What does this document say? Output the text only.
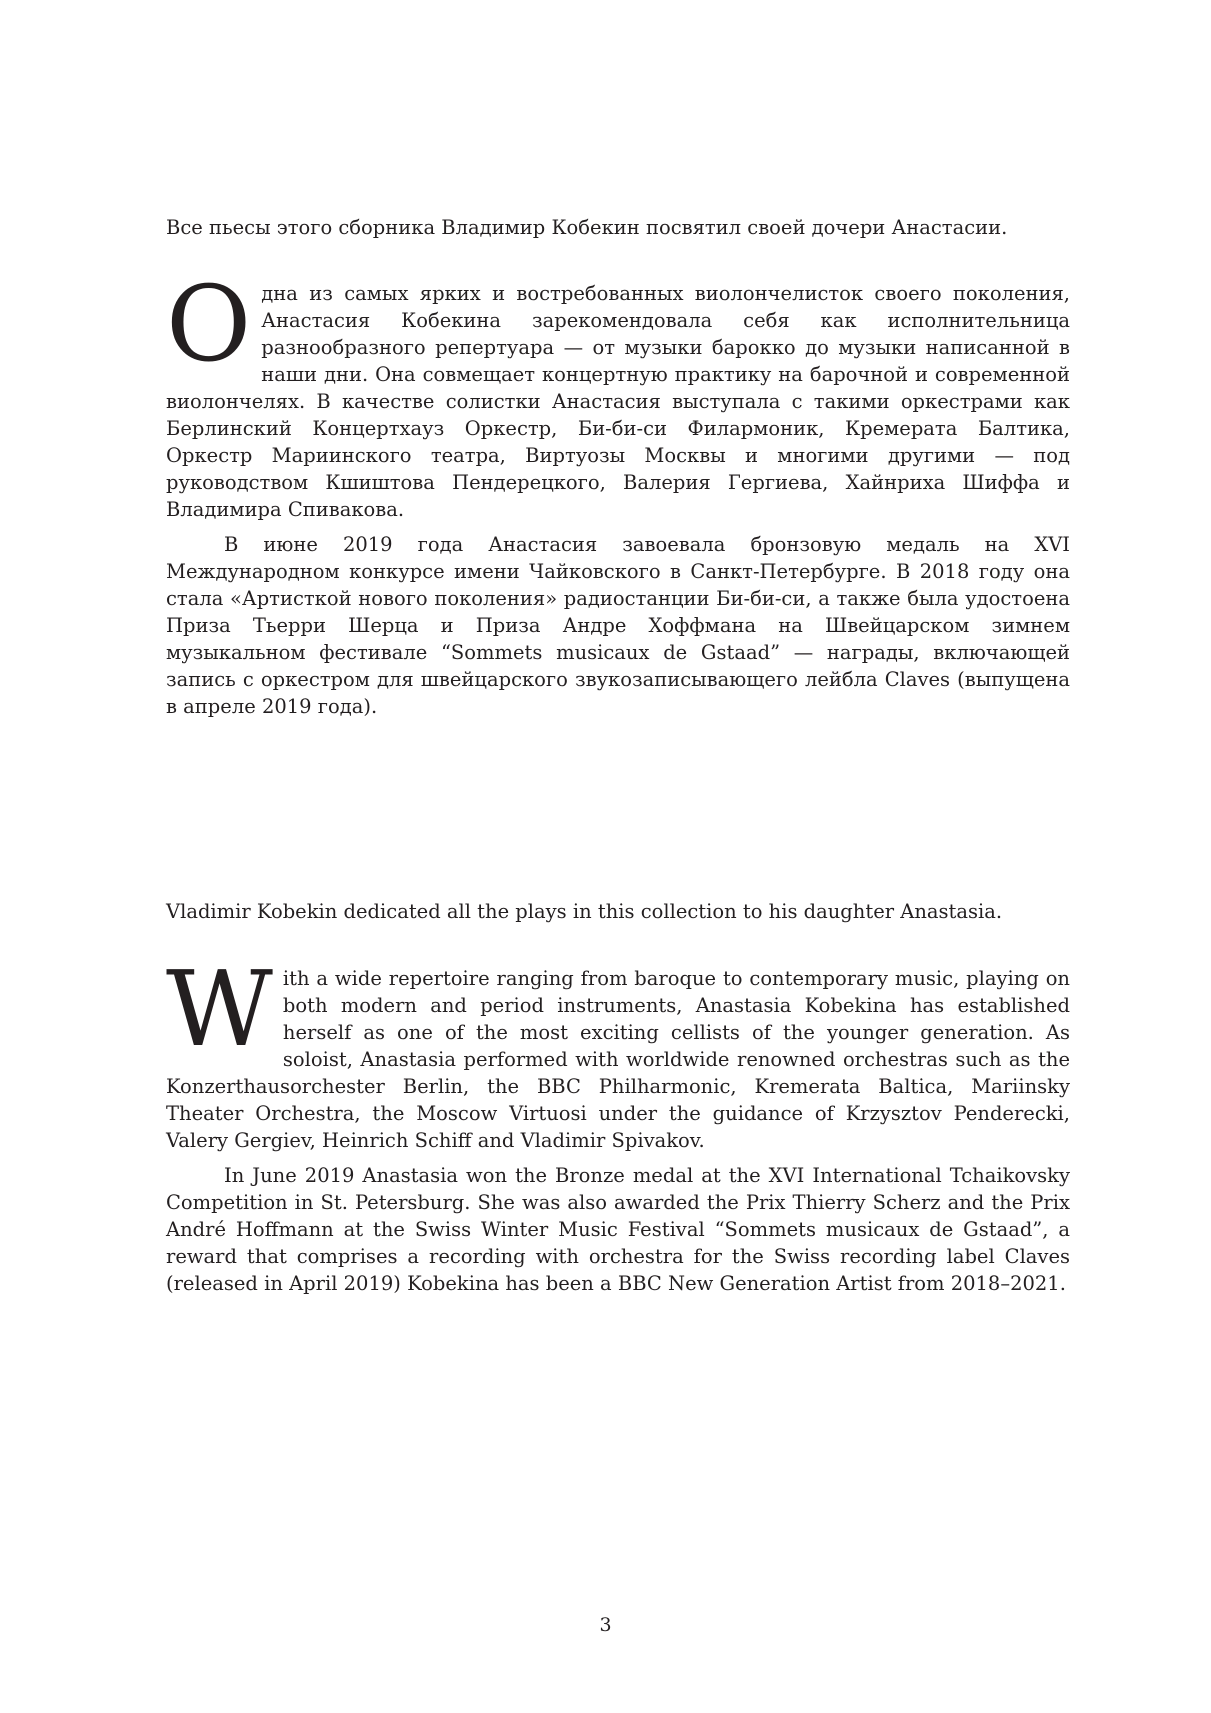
Все пьесы этого сборника Владимир Кобекин посвятил своей дочери Анастасии.

Одна из самых ярких и востребованных виолончелисток своего поколения, Анастасия Кобекина зарекомендовала себя как исполнительница разнообразного репертуара — от музыки барокко до музыки написанной в наши дни. Она совмещает концертную практику на барочной и современной виолончелях. В качестве солистки Анастасия выступала с такими оркестрами как Берлинский Концертхауз Оркестр, Би-би-си Филармоник, Кремерата Балтика, Оркестр Мариинского театра, Виртуозы Москвы и многими другими — под руководством Кшиштова Пендерецкого, Валерия Гергиева, Хайнриха Шиффа и Владимира Спивакова.

В июне 2019 года Анастасия завоевала бронзовую медаль на XVI Международном конкурсе имени Чайковского в Санкт-Петербурге. В 2018 году она стала «Артисткой нового поколения» радиостанции Би-би-си, а также была удостоена Приза Тьерри Шерца и Приза Андре Хоффмана на Швейцарском зимнем музыкальном фестивале “Sommets musicaux de Gstaad” — награды, включающей запись с оркестром для швейцарского звукозаписывающего лейбла Claves (выпущена в апреле 2019 года).

Vladimir Kobekin dedicated all the plays in this collection to his daughter Anastasia.

With a wide repertoire ranging from baroque to contemporary music, playing on both modern and period instruments, Anastasia Kobekina has established herself as one of the most exciting cellists of the younger generation. As soloist, Anastasia performed with worldwide renowned orchestras such as the Konzerthausorchester Berlin, the BBC Philharmonic, Kremerata Baltica, Mariinsky Theater Orchestra, the Moscow Virtuosi under the guidance of Krzysztov Penderecki, Valery Gergiev, Heinrich Schiff and Vladimir Spivakov.

In June 2019 Anastasia won the Bronze medal at the XVI International Tchaikovsky Competition in St. Petersburg. She was also awarded the Prix Thierry Scherz and the Prix André Hoffmann at the Swiss Winter Music Festival “Sommets musicaux de Gstaad”, a reward that comprises a recording with orchestra for the Swiss recording label Claves (released in April 2019) Kobekina has been a BBC New Generation Artist from 2018–2021.

3
